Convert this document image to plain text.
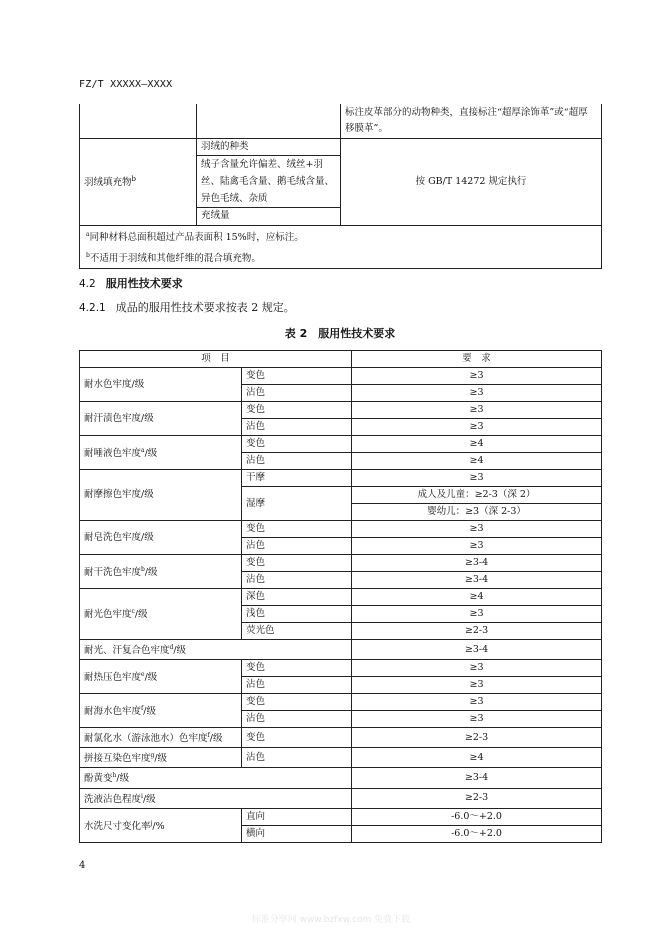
FZ/T XXXXX—XXXX
		标注皮革部分的动物种类，直接标注“超厚涂饰革”或“超厚移膜革”。
羽绒填充物$^b$	羽绒的种类	按 GB/T 14272 规定执行
	绒子含量允许偏差、绒丝+羽丝、陆禽毛含量、鹅毛绒含量、异色毛绒、杂质	
	充绒量	

$^a$同种材料总面积超过产品表面积 15%时，应标注。
$^b$不适用于羽绒和其他纤维的混合填充物。		
4.2 服用性技术要求
4.2.1 成品的服用性技术要求按表 2 规定。
表 2　服用性技术要求
项　目		要　求
耐水色牢度/级	变色	≥3
	沾色	≥3
耐汗渍色牢度/级	变色	≥3
	沾色	≥3
耐唾液色牢度$^a$/级	变色	≥4
	沾色	≥4
耐摩擦色牢度/级	干摩	≥3
	湿摩	成人及儿童：≥2-3（深 2）
		婴幼儿：≥3（深 2-3）
耐皂洗色牢度/级	变色	≥3
	沾色	≥3
耐干洗色牢度$^b$/级	变色	≥3-4
	沾色	≥3-4
耐光色牢度$^c$/级	深色	≥4
	浅色	≥3
	荧光色	≥2-3
耐光、汗复合色牢度$^d$/级		≥3-4
耐热压色牢度$^e$/级	变色	≥3
	沾色	≥3
耐海水色牢度$^f$/级	变色	≥3
	沾色	≥3
耐氯化水（游泳池水）色牢度$^f$/级	变色	≥2-3
拼接互染色牢度$^g$/级	沾色	≥4
酚黄变$^h$/级		≥3-4
洗液沾色程度$^i$/级		≥2-3
水洗尺寸变化率$^j$/%	直向	-6.0～+2.0
	横向	-6.0～+2.0
4
标准分享网 www.bzfxw.com 免费下载
